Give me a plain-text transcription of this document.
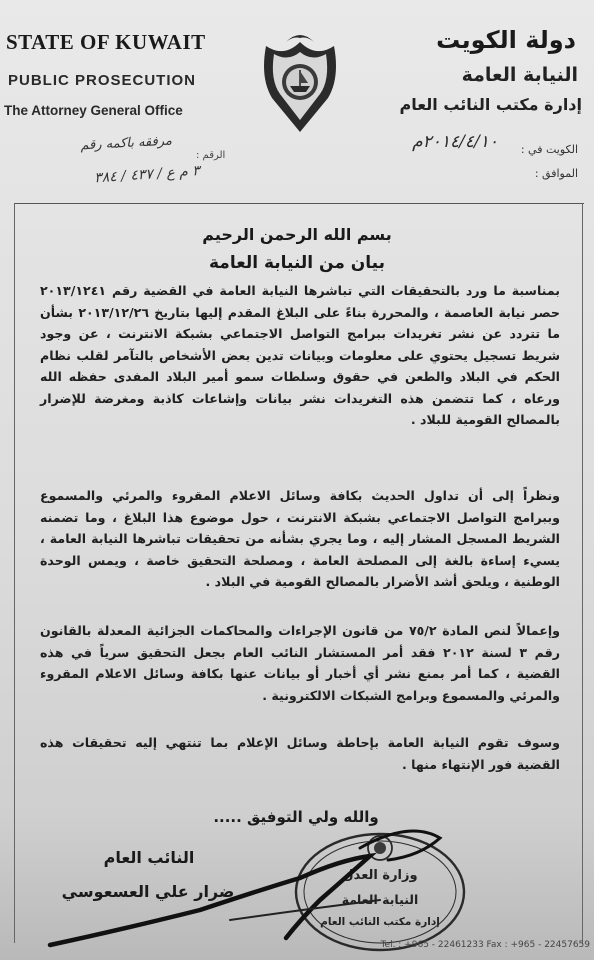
STATE OF KUWAIT
PUBLIC PROSECUTION
The Attorney General Office
دولة الكويت
النيابة العامة
إدارة مكتب النائب العام
مرفقه باكمه رقم
الرقم :
٣ م ع / ٤٣٧ / ٣٨٤
الكويت في :
٢٠١٤/٤/١٠م
الموافق :
بسم الله الرحمن الرحيم
بيان من النيابة العامة
بمناسبة ما ورد بالتحقيقات التي تباشرها النيابة العامة في القضية رقم ٢٠١٣/١٢٤١ حصر نيابة العاصمة ، والمحررة بناءً على البلاغ المقدم إليها بتاريخ ٢٠١٣/١٢/٢٦ بشأن ما تتردد عن نشر تغريدات ببرامج التواصل الاجتماعي بشبكة الانترنت ، عن وجود شريط تسجيل يحتوي على معلومات وبيانات تدين بعض الأشخاص بالتآمر لقلب نظام الحكم في البلاد والطعن في حقوق وسلطات سمو أمير البلاد المفدى حفظه الله ورعاه ، كما تتضمن هذه التغريدات نشر بيانات وإشاعات كاذبة ومغرضة للإضرار بالمصالح القومية للبلاد .
ونظراً إلى أن تداول الحديث بكافة وسائل الاعلام المقروء والمرئي والمسموع وببرامج التواصل الاجتماعي بشبكة الانترنت ، حول موضوع هذا البلاغ ، وما تضمنه الشريط المسجل المشار إليه ، وما يجري بشأنه من تحقيقات تباشرها النيابة العامة ، يسيء إساءة بالغة إلى المصلحة العامة ، ومصلحة التحقيق خاصة ، ويمس الوحدة الوطنية ، ويلحق أشد الأضرار بالمصالح القومية في البلاد .
وإعمالاً لنص المادة ٧٥/٢ من قانون الإجراءات والمحاكمات الجزائية المعدلة بالقانون رقم ٣ لسنة ٢٠١٢ فقد أمر المستشار النائب العام بجعل التحقيق سرياً في هذه القضية ، كما أمر بمنع نشر أي أخبار أو بيانات عنها بكافة وسائل الاعلام المقروء والمرئي والمسموع وبرامج الشبكات الالكترونية .
وسوف تقوم النيابة العامة بإحاطة وسائل الإعلام بما تنتهي إليه تحقيقات هذه القضية فور الإنتهاء منها .
والله ولي التوفيق .....
النائب العام
ضرار علي العسعوسي
وزارة العدل
النيابة العامة
إدارة مكتب النائب العام
Tel. : +965 - 22461233 Fax : +965 - 22457659
